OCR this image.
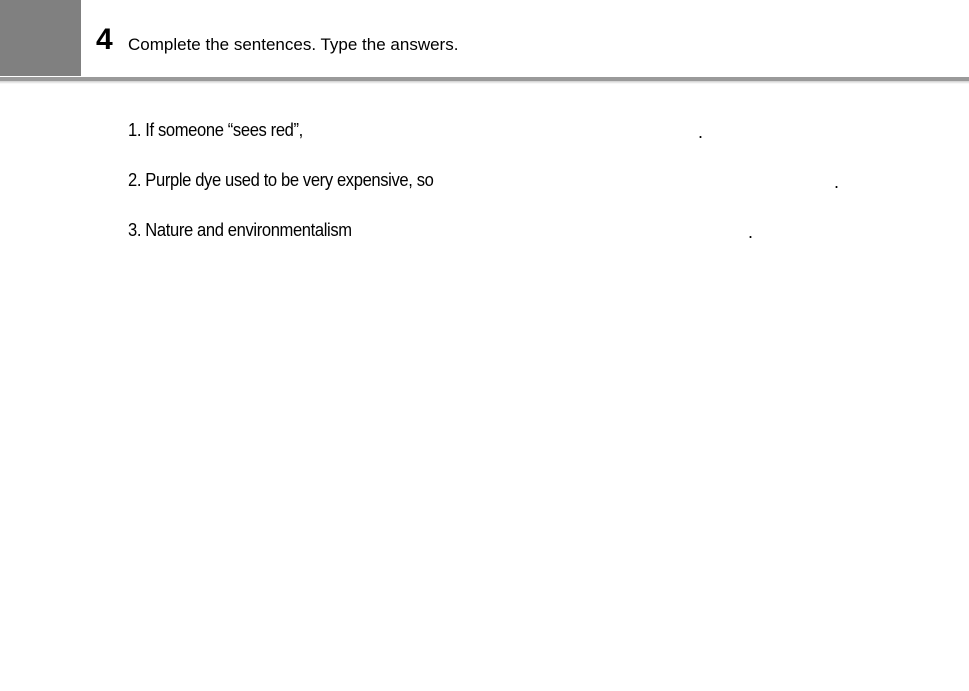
4 Complete the sentences. Type the answers.
1. If someone “sees red”,	.
2. Purple dye used to be very expensive, so	.
3. Nature and environmentalism	.
